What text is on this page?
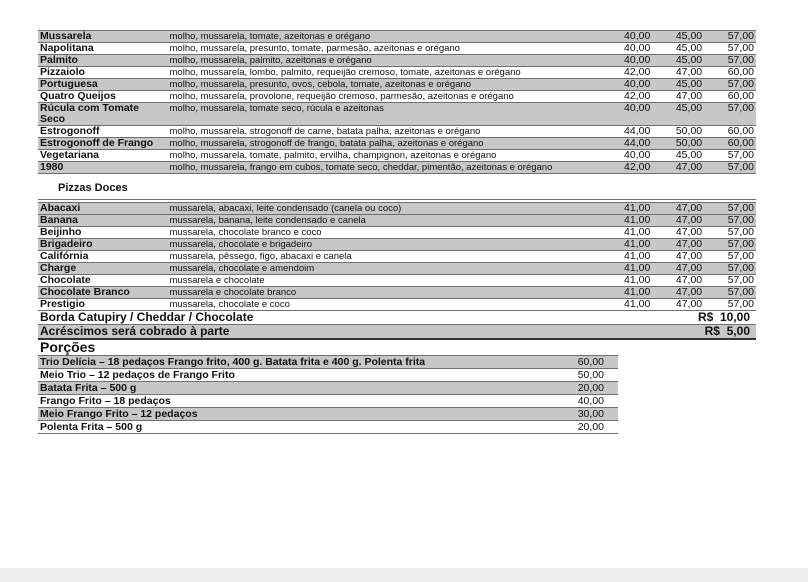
Mussarela	molho, mussarela, tomate, azeitonas e orégano	40,00	45,00	57,00
Napolitana	molho, mussarela, presunto, tomate, parmesão, azeitonas e orégano	40,00	45,00	57,00
Palmito	molho, mussarela, palmito, azeitonas e orégano	40,00	45,00	57,00
Pizzaiolo	molho, mussarela, lombo, palmito, requeijão cremoso, tomate, azeitonas e orégano	42,00	47,00	60,00
Portuguesa	molho, mussarela, presunto, ovos, cebola, tomate, azeitonas e orégano	40,00	45,00	57,00
Quatro Queijos	molho, mussarela, provolone, requeijão cremoso, parmesão, azeitonas e orégano	42,00	47,00	60,00
Rúcula com Tomate Seco	molho, mussarela, tomate seco, rúcula e azeitonas	40,00	45,00	57,00
Estrogonoff	molho, mussarela, strogonoff de carne, batata palha, azeitonas e orégano	44,00	50,00	60,00
Estrogonoff de Frango	molho, mussarela, strogonoff de frango, batata palha, azeitonas e orégano	44,00	50,00	60,00
Vegetariana	molho, mussarela, tomate, palmito, ervilha, champignon, azeitonas e orégano	40,00	45,00	57,00
1980	molho, mussarela, frango em cubos, tomate seco, cheddar, pimentão, azeitonas e orégano	42,00	47,00	57,00
Pizzas Doces
Abacaxi	mussarela, abacaxi, leite condensado (canela ou coco)	41,00	47,00	57,00
Banana	mussarela, banana, leite condensado e canela	41,00	47,00	57,00
Beijinho	mussarela, chocolate branco e coco	41,00	47,00	57,00
Brigadeiro	mussarela, chocolate e brigadeiro	41,00	47,00	57,00
Califórnia	mussarela, pêssego, figo, abacaxi e canela	41,00	47,00	57,00
Charge	mussarela, chocolate e amendoim	41,00	47,00	57,00
Chocolate	mussarela e chocolate	41,00	47,00	57,00
Chocolate Branco	mussarela e chocolate branco	41,00	47,00	57,00
Prestigio	mussarela, chocolate e coco	41,00	47,00	57,00
Borda Catupiry / Cheddar / Chocolate	R$  10,00
Acréscimos será cobrado à parte	R$  5,00
Porções
Trio Delícia – 18 pedaços Frango frito, 400 g. Batata frita e 400 g. Polenta frita	60,00
Meio Trio – 12 pedaços de Frango Frito	50,00
Batata Frita – 500 g	20,00
Frango Frito – 18 pedaços	40,00
Meio Frango Frito – 12 pedaços	30,00
Polenta Frita – 500 g	20,00
